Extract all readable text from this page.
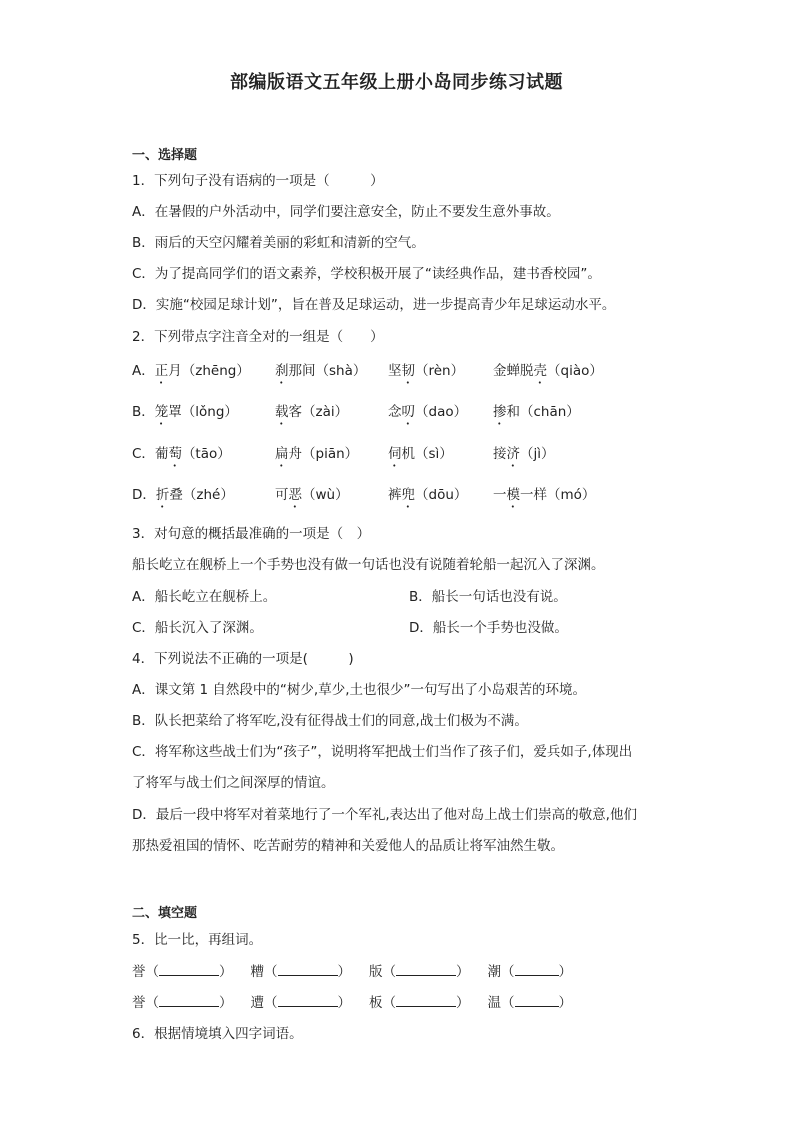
部编版语文五年级上册小岛同步练习试题
一、选择题
1．下列句子没有语病的一项是（　　　）
A．在暑假的户外活动中，同学们要注意安全，防止不要发生意外事故。
B．雨后的天空闪耀着美丽的彩虹和清新的空气。
C．为了提高同学们的语文素养，学校积极开展了“读经典作品，建书香校园”。
D．实施“校园足球计划”，旨在普及足球运动，进一步提高青少年足球运动水平。
2．下列带点字注音全对的一组是（　　）
A．正月（zhēng） 刹那间（shà） 坚韧（rèn） 金蝉脱壳（qiào）
B．笼罩（lǒng）	载客（zài）	念叨（dao） 掺和（chān）
C．葡萄（tāo）	扁舟（piān） 伺机（sì）	接济（jì）
D．折叠（zhé）	可恶（wù）	裤兜（dōu） 一模一样（mó）
3．对句意的概括最准确的一项是（　）
船长屹立在舰桥上一个手势也没有做一句话也没有说随着轮船一起沉入了深渊。
A．船长屹立在舰桥上。	B．船长一句话也没有说。
C．船长沉入了深渊。	D．船长一个手势也没做。
4．下列说法不正确的一项是(　　　)
A．课文第 1 自然段中的“树少,草少,土也很少”一句写出了小岛艰苦的环境。
B．队长把菜给了将军吃,没有征得战士们的同意,战士们极为不满。
C．将军称这些战士们为“孩子”，说明将军把战士们当作了孩子们，爱兵如子,体现出
了将军与战士们之间深厚的情谊。
D．最后一段中将军对着菜地行了一个军礼,表达出了他对岛上战士们崇高的敬意,他们
那热爱祖国的情怀、吃苦耐劳的精神和关爱他人的品质让将军油然生敬。
二、填空题
5．比一比，再组词。
誉（	） 糟（	） 版（	） 潮（	）
誉（	） 遭（	） 板（	） 温（	）
6．根据情境填入四字词语。
